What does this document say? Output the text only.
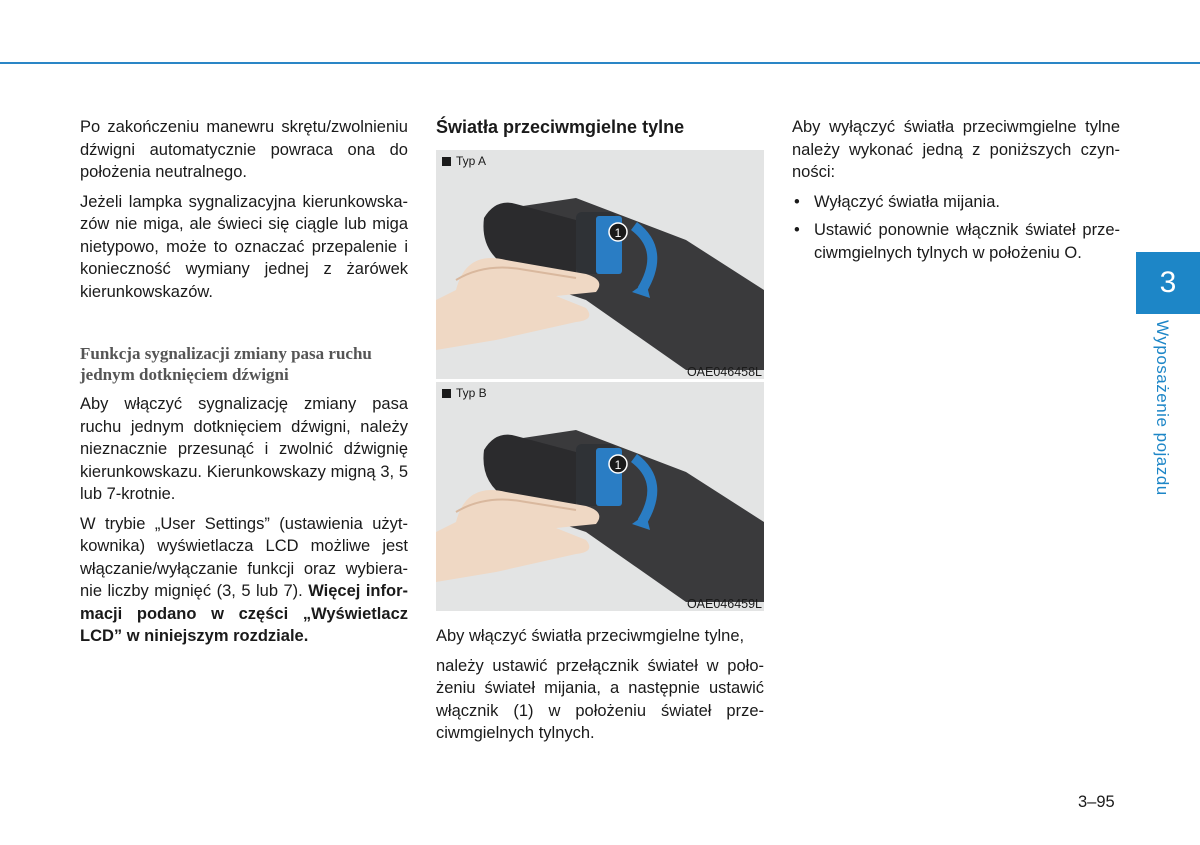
Po zakończeniu manewru skrętu/zwolnieniu dźwigni automatycznie powraca ona do położenia neutralnego.

Jeżeli lampka sygnalizacyjna kierunkowska-zów nie miga, ale świeci się ciągle lub miga nietypowo, może to oznaczać przepalenie i konieczność wymiany jednej z żarówek kierunkowskazów.

Funkcja sygnalizacji zmiany pasa ruchu jednym dotknięciem dźwigni

Aby włączyć sygnalizację zmiany pasa ruchu jednym dotknięciem dźwigni, należy nieznacznie przesunąć i zwolnić dźwignię kierunkowskazu. Kierunkowskazy migną 3, 5 lub 7-krotnie.

W trybie „User Settings” (ustawienia użyt-kownika) wyświetlacza LCD możliwe jest włączanie/wyłączanie funkcji oraz wybiera-nie liczby mignięć (3, 5 lub 7). Więcej infor-macji podano w części „Wyświetlacz LCD” w niniejszym rozdziale.

Światła przeciwmgielne tylne
Typ A
1
OAE046458L
Typ B
1
OAE046459L

Aby włączyć światła przeciwmgielne tylne,

należy ustawić przełącznik świateł w poło-żeniu świateł mijania, a następnie ustawić włącznik (1) w położeniu świateł prze-ciwmgielnych tylnych.

Aby wyłączyć światła przeciwmgielne tylne należy wykonać jedną z poniższych czyn-ności:

• Wyłączyć światła mijania.
• Ustawić ponownie włącznik świateł prze-ciwmgielnych tylnych w położeniu O.
3
Wyposażenie pojazdu
3–95
